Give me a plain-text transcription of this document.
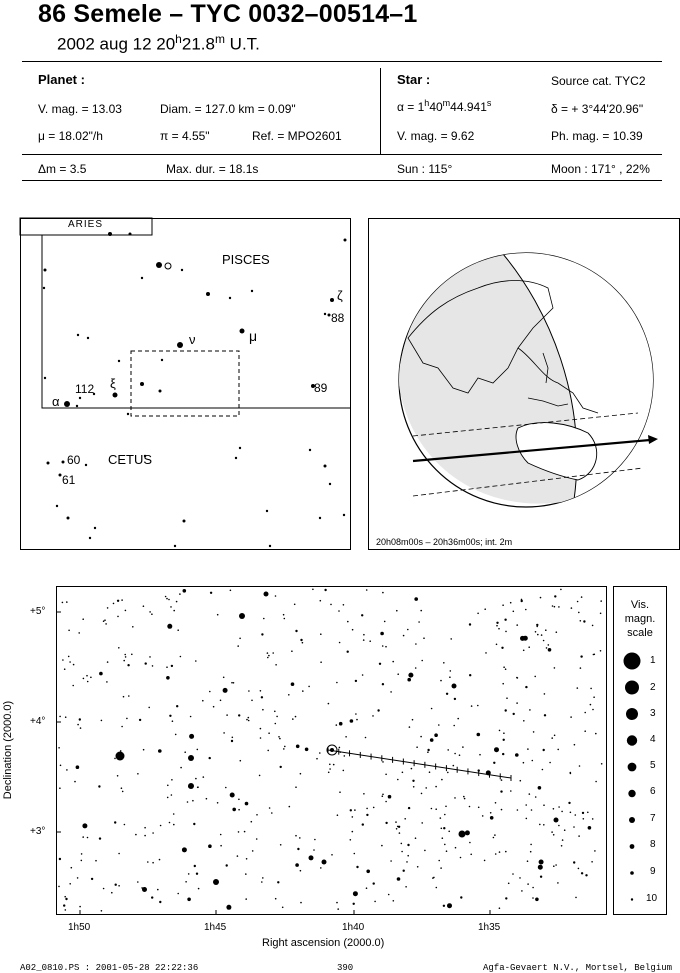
86 Semele – TYC 0032–00514–1
2002 aug 12 20$^h$21.8$^m$ U.T.
Planet :
V. mag. = 13.03	Diam. = 127.0 km = 0.09"
μ = 18.02"/h	π = 4.55"	Ref. = MPO2601
Δm = 3.5	Max. dur. = 18.1s
Star :	Source cat. TYC2
$\alpha = 1^h40^m44.941^s$	δ = + 3°44'20.96"
V. mag. = 9.62	Ph. mag. = 10.39
Sun : 115°	Moon : 171° , 22%
ARIES
PISCES
CETUS
ζ
88
μ
ν
89
ξ
112
α
60
61
20h08m00s – 20h36m00s; int. 2m
+5°
+4°
+3°
1h50	1h45	1h40	1h35
Right ascension (2000.0)
Declination (2000.0)
Vis.
magn.
scale
1
2
3
4
5
6
7
8
9
10
A02_0810.PS : 2001-05-28 22:22:36	390	Agfa-Gevaert N.V., Mortsel, Belgium
